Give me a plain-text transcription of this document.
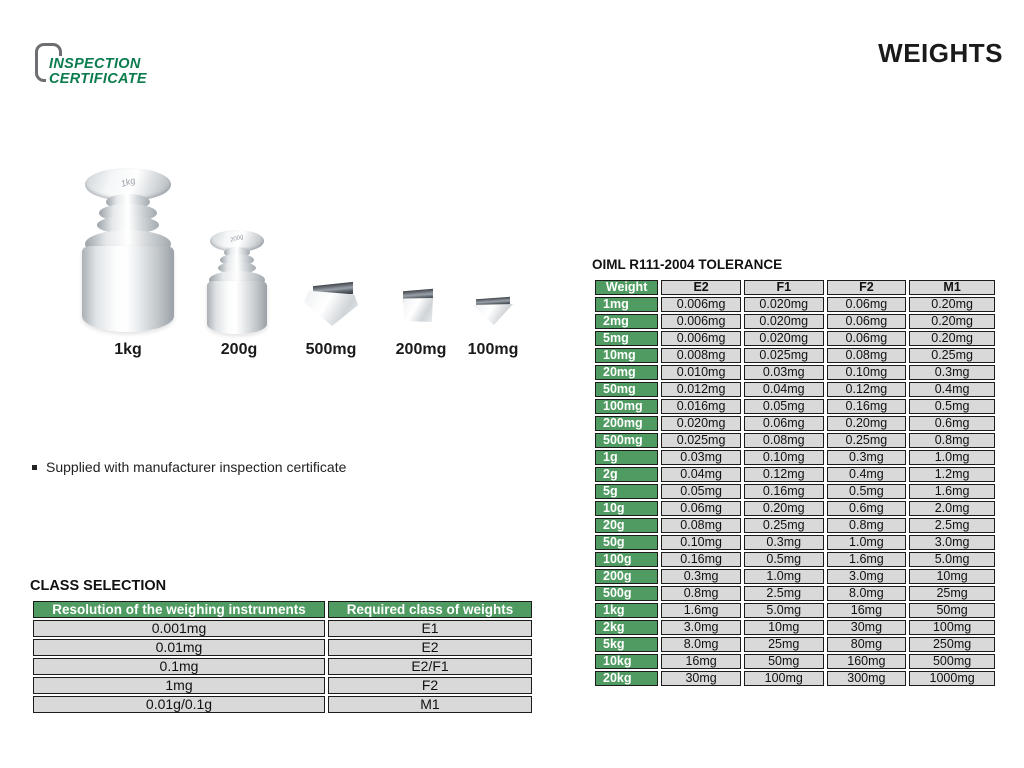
INSPECTION
CERTIFICATE
WEIGHTS
1kg
200g
1kg	200g	500mg 200mg 100mg
Supplied with manufacturer inspection certificate
CLASS SELECTION
Resolution of the weighing instruments	Required class of weights
0.001mg	E1
0.01mg	E2
0.1mg	E2/F1
1mg	F2
0.01g/0.1g	M1
OIML R111-2004 TOLERANCE
Weight	E2	F1	F2	M1
1mg	0.006mg	0.020mg	0.06mg	0.20mg
2mg	0.006mg	0.020mg	0.06mg	0.20mg
5mg	0.006mg	0.020mg	0.06mg	0.20mg
10mg	0.008mg	0.025mg	0.08mg	0.25mg
20mg	0.010mg	0.03mg	0.10mg	0.3mg
50mg	0.012mg	0.04mg	0.12mg	0.4mg
100mg	0.016mg	0.05mg	0.16mg	0.5mg
200mg	0.020mg	0.06mg	0.20mg	0.6mg
500mg	0.025mg	0.08mg	0.25mg	0.8mg
1g	0.03mg	0.10mg	0.3mg	1.0mg
2g	0.04mg	0.12mg	0.4mg	1.2mg
5g	0.05mg	0.16mg	0.5mg	1.6mg
10g	0.06mg	0.20mg	0.6mg	2.0mg
20g	0.08mg	0.25mg	0.8mg	2.5mg
50g	0.10mg	0.3mg	1.0mg	3.0mg
100g	0.16mg	0.5mg	1.6mg	5.0mg
200g	0.3mg	1.0mg	3.0mg	10mg
500g	0.8mg	2.5mg	8.0mg	25mg
1kg	1.6mg	5.0mg	16mg	50mg
2kg	3.0mg	10mg	30mg	100mg
5kg	8.0mg	25mg	80mg	250mg
10kg	16mg	50mg	160mg	500mg
20kg	30mg	100mg	300mg	1000mg
